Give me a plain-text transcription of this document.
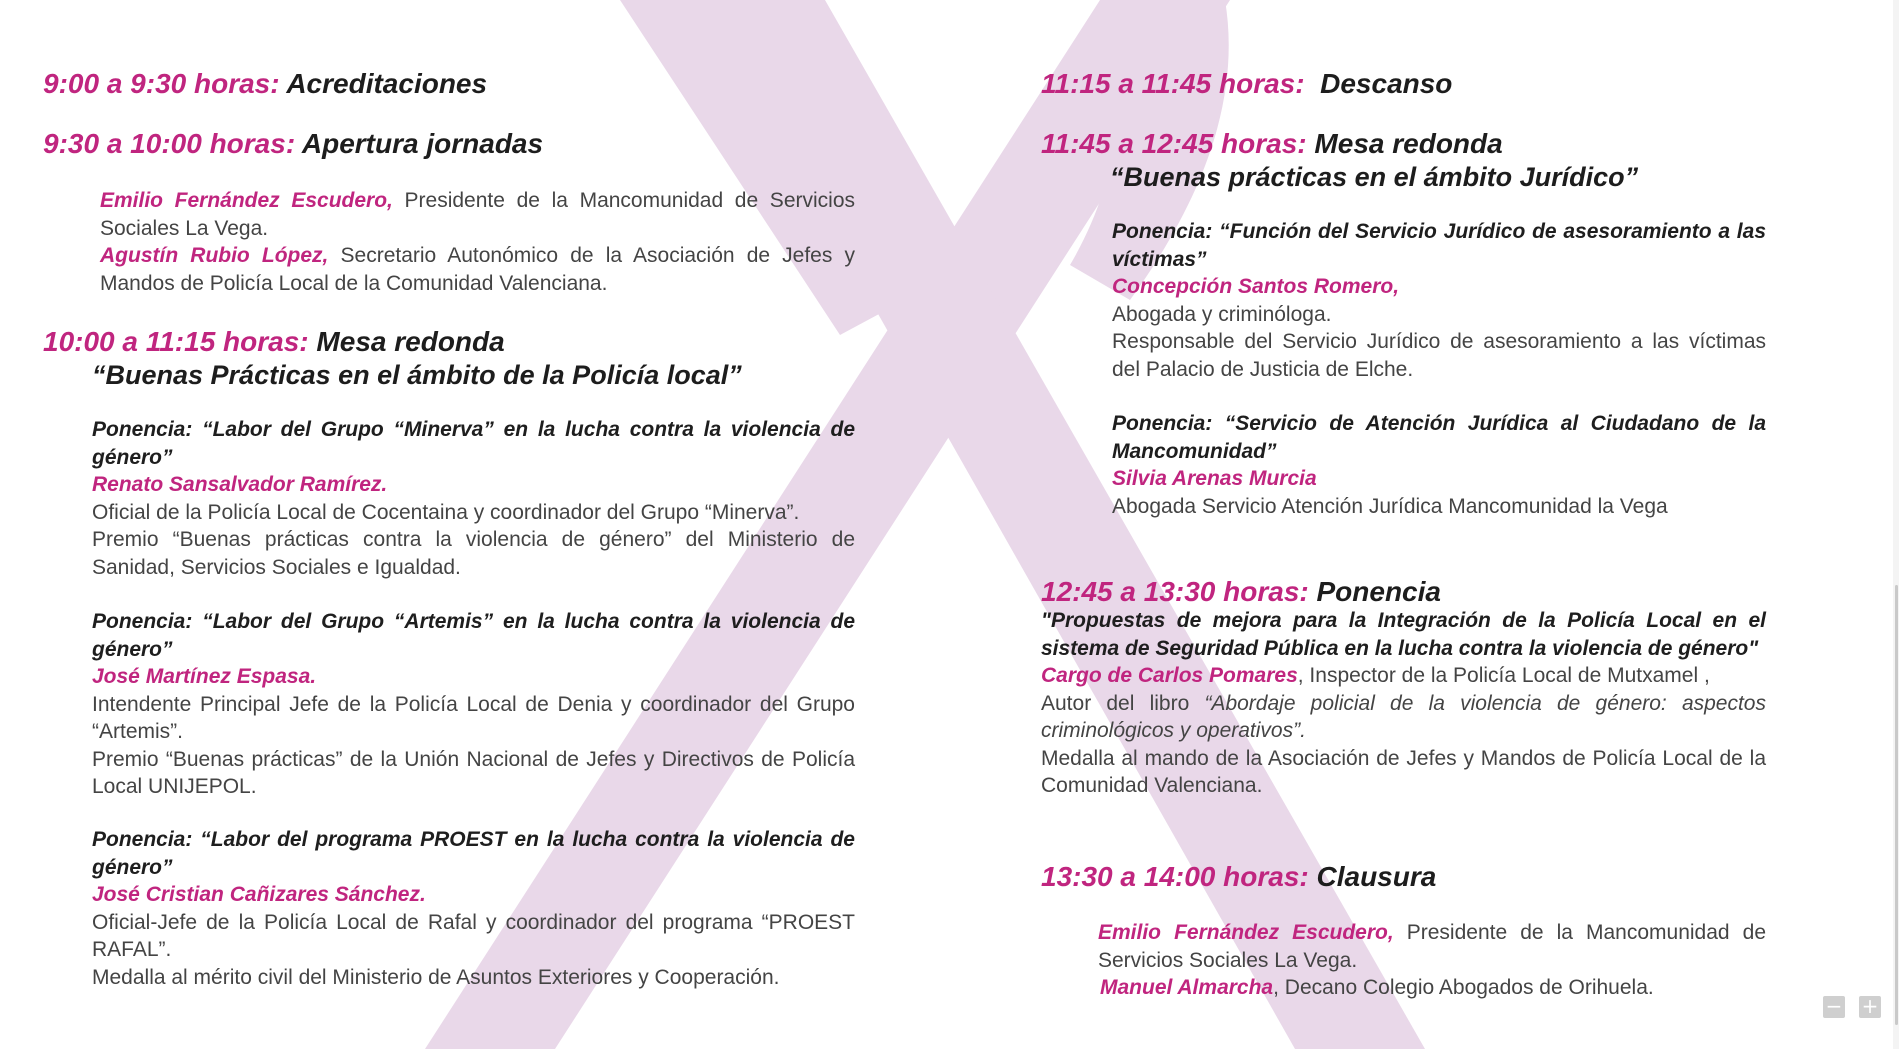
9:00 a 9:30 horas: Acreditaciones
9:30 a 10:00 horas: Apertura jornadas

Emilio Fernández Escudero, Presidente de la Mancomunidad de Servicios Sociales La Vega.

Agustín Rubio López, Secretario Autonómico de la Asociación de Jefes y Mandos de Policía Local de la Comunidad Valenciana.

10:00 a 11:15 horas: Mesa redonda
“Buenas Prácticas en el ámbito de la Policía local”

Ponencia: “Labor del Grupo “Minerva” en la lucha contra la violencia de género”

Renato Sansalvador Ramírez.

Oficial de la Policía Local de Cocentaina y coordinador del Grupo “Minerva”.

Premio “Buenas prácticas contra la violencia de género” del Ministerio de Sanidad, Servicios Sociales e Igualdad.

Ponencia: “Labor del Grupo “Artemis” en la lucha contra la violencia de género”

José Martínez Espasa.

Intendente Principal Jefe de la Policía Local de Denia y coordinador del Grupo “Artemis”.

Premio “Buenas prácticas” de la Unión Nacional de Jefes y Directivos de Policía Local UNIJEPOL.

Ponencia: “Labor del programa PROEST en la lucha contra la violencia de género”

José Cristian Cañizares Sánchez.

Oficial-Jefe de la Policía Local de Rafal y coordinador del programa “PROEST RAFAL”.

Medalla al mérito civil del Ministerio de Asuntos Exteriores y Cooperación.

11:15 a 11:45 horas: Descanso
11:45 a 12:45 horas: Mesa redonda
“Buenas prácticas en el ámbito Jurídico”

Ponencia: “Función del Servicio Jurídico de asesoramiento a las víctimas”

Concepción Santos Romero,

Abogada y criminóloga.

Responsable del Servicio Jurídico de asesoramiento a las víctimas del Palacio de Justicia de Elche.

Ponencia: “Servicio de Atención Jurídica al Ciudadano de la Mancomunidad”

Silvia Arenas Murcia

Abogada Servicio Atención Jurídica Mancomunidad la Vega

12:45 a 13:30 horas: Ponencia

"Propuestas de mejora para la Integración de la Policía Local en el sistema de Seguridad Pública en la lucha contra la violencia de género"

Cargo de Carlos Pomares, Inspector de la Policía Local de Mutxamel ,

Autor del libro “Abordaje policial de la violencia de género: aspectos criminológicos y operativos”.

Medalla al mando de la Asociación de Jefes y Mandos de Policía Local de la Comunidad Valenciana.

13:30 a 14:00 horas: Clausura

Emilio Fernández Escudero, Presidente de la Mancomunidad de Servicios Sociales La Vega.

Manuel Almarcha, Decano Colegio Abogados de Orihuela.

− +
